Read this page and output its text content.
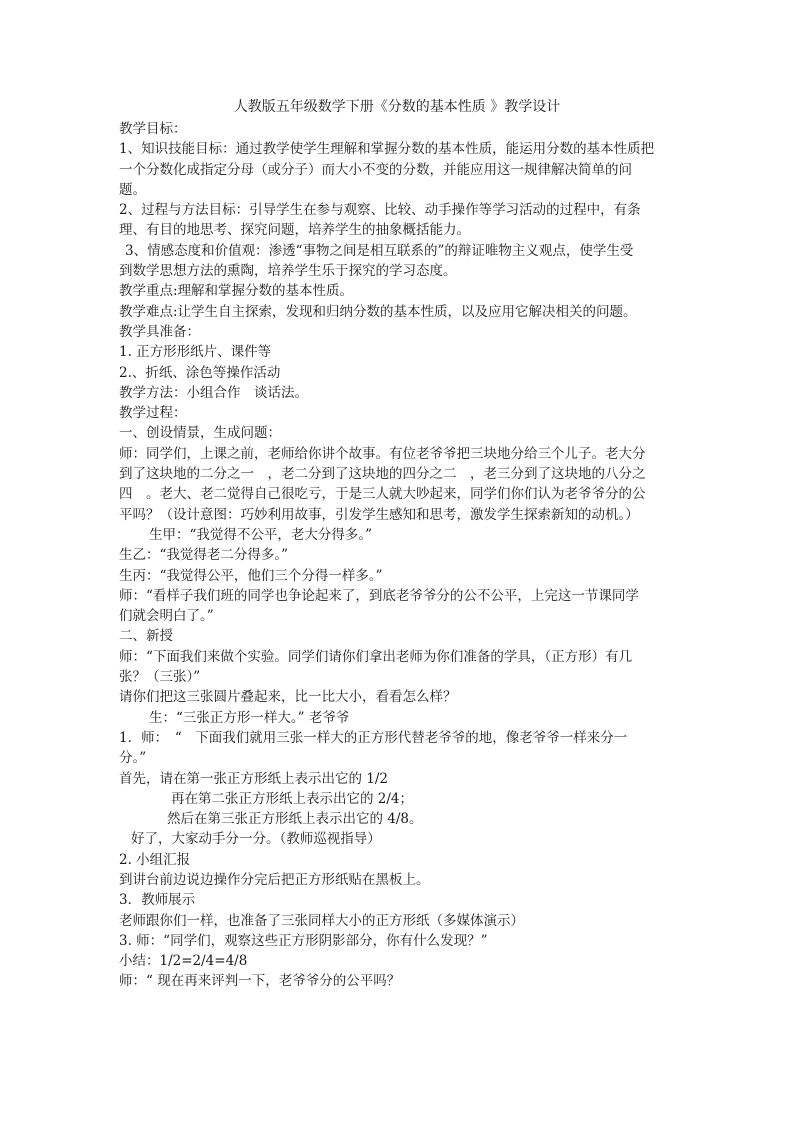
人教版五年级数学下册《分数的基本性质 》教学设计
教学目标：
1、知识技能目标：通过教学使学生理解和掌握分数的基本性质，能运用分数的基本性质把
一个分数化成指定分母（或分子）而大小不变的分数，并能应用这一规律解决简单的问
题。
2、过程与方法目标：引导学生在参与观察、比较、动手操作等学习活动的过程中，有条
理、有目的地思考、探究问题，培养学生的抽象概括能力。
3、情感态度和价值观：渗透“事物之间是相互联系的”的辩证唯物主义观点，使学生受
到数学思想方法的熏陶，培养学生乐于探究的学习态度。
教学重点:理解和掌握分数的基本性质。
教学难点:让学生自主探索，发现和归纳分数的基本性质，以及应用它解决相关的问题。
教学具准备：
1. 正方形形纸片、课件等
2.、折纸、涂色等操作活动
教学方法：小组合作　谈话法。
教学过程：
一、创设情景，生成问题：
师：同学们，上课之前，老师给你讲个故事。有位老爷爷把三块地分给三个儿子。老大分
到了这块地的二分之一　，老二分到了这块地的四分之二　，老三分到了这块地的八分之
四　。老大、老二觉得自己很吃亏，于是三人就大吵起来，同学们你们认为老爷爷分的公
平吗？（设计意图：巧妙利用故事，引发学生感知和思考，激发学生探索新知的动机。）
生甲：“我觉得不公平，老大分得多。”
生乙：“我觉得老二分得多。”
生丙：“我觉得公平，他们三个分得一样多。”
师：“看样子我们班的同学也争论起来了，到底老爷爷分的公不公平，上完这一节课同学
们就会明白了。”
二、新授
师：“下面我们来做个实验。同学们请你们拿出老师为你们准备的学具，（正方形）有几
张？（三张）”
请你们把这三张圆片叠起来，比一比大小，看看怎么样？
生：“三张正方形一样大。” 老爷爷
1．师：　“　下面我们就用三张一样大的正方形代替老爷爷的地，像老爷爷一样来分一
分。”
首先，请在第一张正方形纸上表示出它的 1/2
再在第二张正方形纸上表示出它的 2/4；
然后在第三张正方形纸上表示出它的 4/8。
好了，大家动手分一分。（教师巡视指导）
2. 小组汇报
到讲台前边说边操作分完后把正方形纸贴在黑板上。
3．教师展示
老师跟你们一样，也准备了三张同样大小的正方形纸（多媒体演示）
3. 师：“同学们，观察这些正方形阴影部分，你有什么发现？”
小结：1/2=2/4=4/8
师：“ 现在再来评判一下，老爷爷分的公平吗？
